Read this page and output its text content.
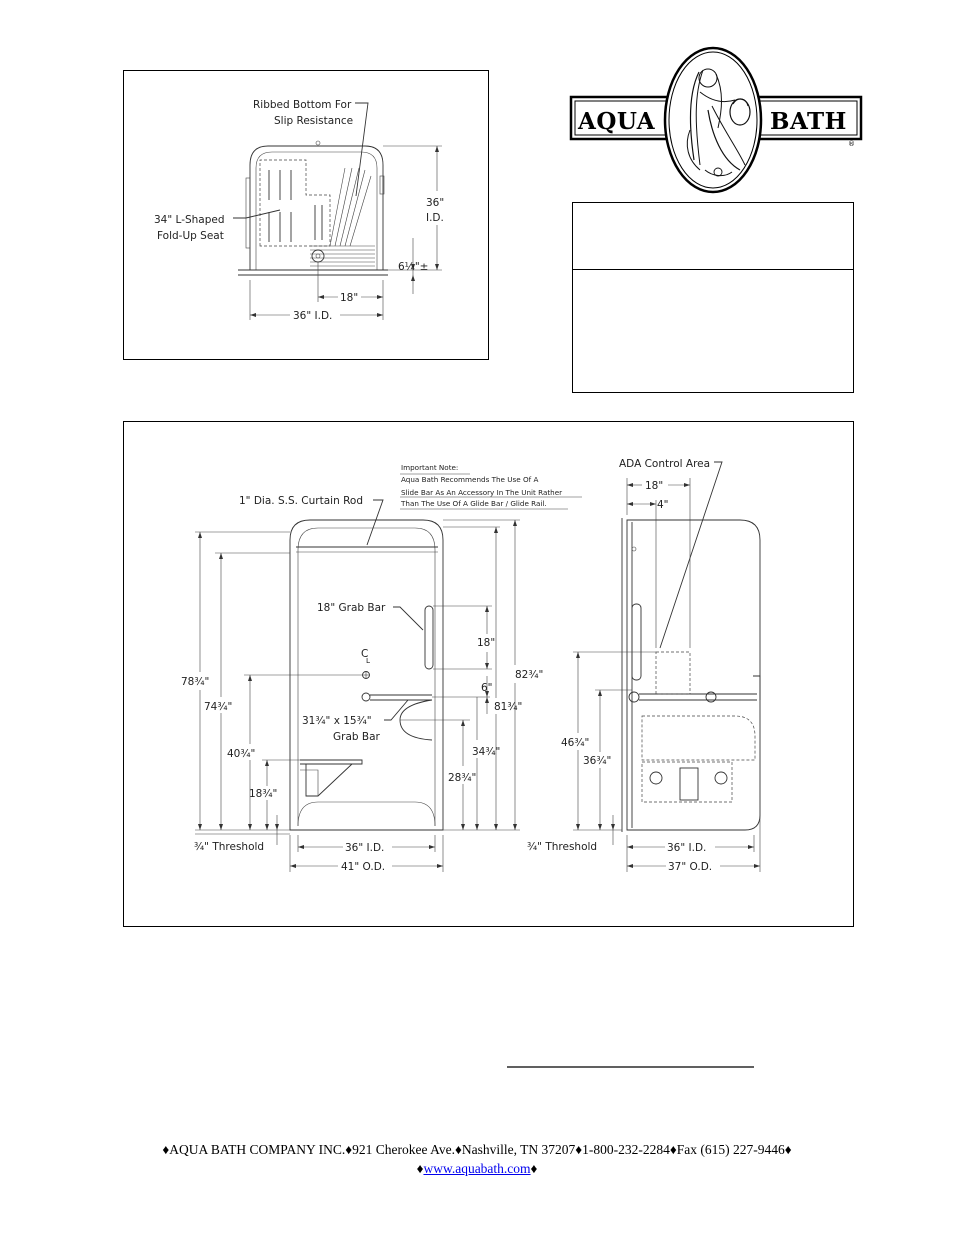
AQUA	BATH
®
Ribbed Bottom For
Slip Resistance
34" L-Shaped
Fold-Up Seat
36"
I.D.
6¼"±
18"
36" I.D.
Important Note:
Aqua Bath Recommends The Use Of A
Slide Bar As An Accessory In The Unit Rather
Than The Use Of A Glide Bar / Glide Rail.
1" Dia. S.S. Curtain Rod
18" Grab Bar
31¾" x 15¾"
Grab Bar
C
L
78¾"
74¾"
40¾"
18¾"
18"
6"
82¾"
81¾"
34¾"
28¾"
¾" Threshold	36" I.D.
41" O.D.
ADA Control Area
18"
4"
46¾"
36¾"
¾" Threshold	36" I.D.
37" O.D.
♦AQUA BATH COMPANY INC.♦921 Cherokee Ave.♦Nashville, TN 37207♦1-800-232-2284♦Fax (615) 227-9446♦
♦www.aquabath.com♦
